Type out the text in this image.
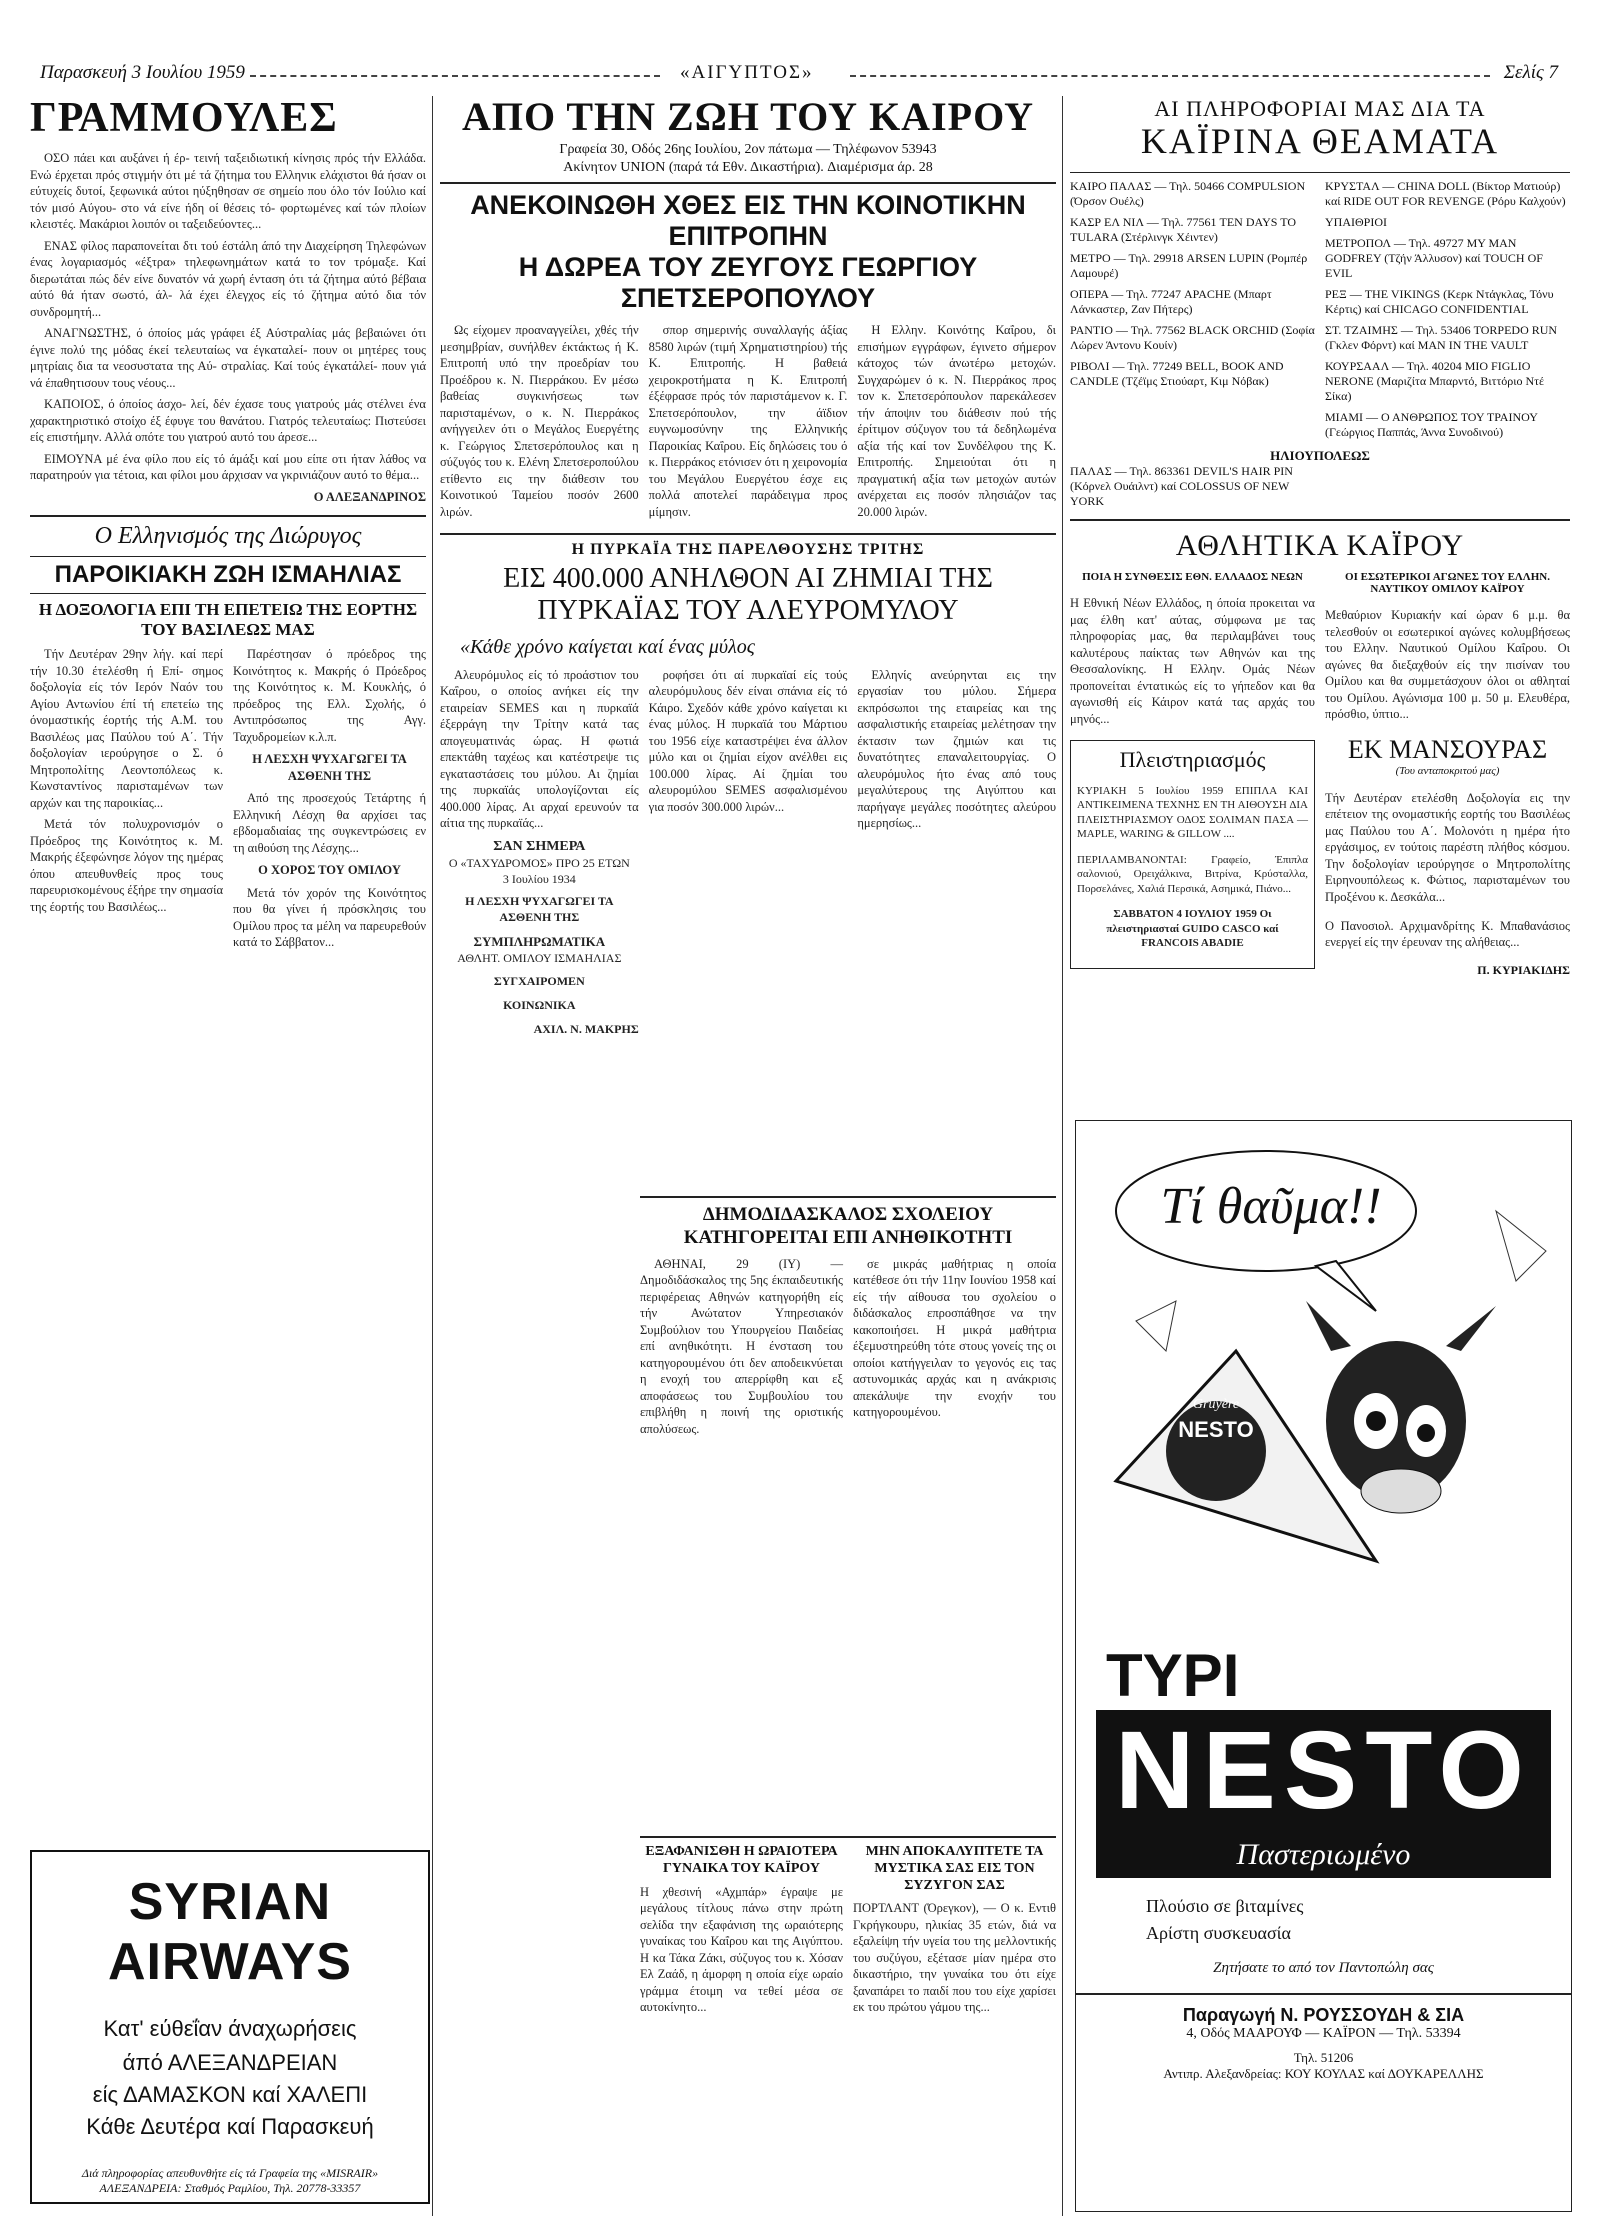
Παρασκευή 3 Ιουλίου 1959	«ΑΙΓΥΠΤΟΣ»	Σελίς 7
ΓΡΑΜΜΟΥΛΕΣ

ΟΣΟ πάει και αυξάνει ή έρ- τεινή ταξειδιωτική κίνησις πρός τήν Ελλάδα. Ενώ έρχεται πρός στιγμήν ότι μέ τά ζήτημα του Ελληνικ ελάχιστοι θά ήσαν οι εύτυχείς δυτοί, ξεφωνικά αύτοι ηύξηθησαν σε σημείο που όλο τόν Ιούλιο καί τόν μισό Αύγου- στο νά είνε ήδη οί θέσεις τό- φορτωμένες καί τών πλοίων κλειστές. Μακάριοι λοιπόν οι ταξειδεύοντες...

ΕΝΑΣ φίλος παραπονείται δτι τού έστάλη άπό την Διαχείρηση Τηλεφώνων ένας λογαριασμός «έξτρα» τηλεφωνημάτων κατά το τον τρόμαξε. Καί διερωτάται πώς δέν είνε δυνατόν νά χωρή ένταση ότι τά ζήτημα αύτό βέβαια αύτό θά ήταν σωστό, άλ- λά έχει έλεγχος είς τό ζήτημα αύτό δια τόν συνδρομητή...

ΑΝΑΓΝΩΣΤΗΣ, ό όποίος μάς γράφει έξ Αύστραλίας μάς βεβαιώνει ότι έγινε πολύ της μόδας έκεί τελευταίως να έγκαταλεί- πουν οι μητέρες τους μητρίαις δια τα νεοσυστατα της Αύ- στραλίας. Καί τούς έγκατάλεί- πουν γιά νά έπαθητισουν τους νέους...

ΚΑΠΟΙΟΣ, ό όποίος άσχο- λεί, δέν έχασε τους γιατρούς μάς στέλνει ένα χαρακτηριστικό στοίχο έξ έφυγε του θανάτου. Γιατρός τελευταίως: Πιστεύσει είς επιστήμην. Αλλά οπότε του γιατρού αυτό του άρεσε...

ΕΙΜΟΥΝΑ μέ ένα φίλο που είς τό άμάξι καί μου είπε οτι ήταν λάθος να παρατηρούν για τέτοια, και φίλοι μου άρχισαν να γκρινιάζουν αυτό το θέμα...

Ο ΑΛΕΞΑΝΔΡΙΝΟΣ
Ο Ελληνισμός της Διώρυγος
ΠΑΡΟΙΚΙΑΚΗ ΖΩΗ ΙΣΜΑΗΛΙΑΣ
Η ΔΟΞΟΛΟΓΙΑ ΕΠΙ ΤΗ ΕΠΕΤΕΙΩ ΤΗΣ ΕΟΡΤΗΣ ΤΟΥ ΒΑΣΙΛΕΩΣ ΜΑΣ

Τήν Δευτέραν 29ην λήγ. καί περί τήν 10.30 έτελέσθη ή Επί- σημος δοξολογία είς τόν Ιερόν Ναόν του Αγίου Αντωνίου έπί τή επετείω της όνομαστικής έορτής τής Α.Μ. του Βασιλέως μας Παύλου τού Α΄. Τήν δοξολογίαν ιερούργησε ο Σ. ό Μητροπολίτης Λεοντοπόλεως κ. Κωνσταντίνος παρισταμένων των αρχών και της παροικίας...

Μετά τόν πολυχρονισμόν ο Πρόεδρος της Κοινότητος κ. Μ. Μακρής έξεφώνησε λόγον της ημέρας όπου απευθυνθείς προς τους παρευρισκομένους έξήρε την σημασία της έορτής του Βασιλέως...

Παρέστησαν ό πρόεδρος της Κοινότητος κ. Μακρής ό Πρόεδρος της Κοινότητος κ. Μ. Κουκλής, ό πρόεδρος της Ελλ. Σχολής, ό Αντιπρόσωπος της Αγγ. Ταχυδρομείων κ.λ.π.

Η ΛΕΣΧΗ ΨΥΧΑΓΩΓΕΙ ΤΑ ΑΣΘΕΝΗ ΤΗΣ

Από της προσεχούς Τετάρτης ή Ελληνική Λέσχη θα αρχίσει τας εβδομαδιαίας της συγκεντρώσεις εν τη αιθούση της Λέσχης...

Ο ΧΟΡΟΣ ΤΟΥ ΟΜΙΛΟΥ

Μετά τόν χορόν της Κοινότητος που θα γίνει ή πρόσκλησις του Ομίλου προς τα μέλη να παρευρεθούν κατά το Σάββατον...

SYRIAN AIRWAYS
Κατ' εύθεΐαν άναχωρήσεις
άπό ΑΛΕΞΑΝΔΡΕΙΑΝ
είς ΔΑΜΑΣΚΟΝ καί ΧΑΛΕΠΙ
Κάθε Δευτέρα καί Παρασκευή
Διά πληροφορίας απευθυνθήτε είς τά Γραφεία της «MISRAIR» ΑΛΕΞΑΝΔΡΕΙΑ: Σταθμός Ραμλίου, Τηλ. 20778-33357
ΑΠΟ ΤΗΝ ΖΩΗ ΤΟΥ ΚΑΙΡΟΥ
Γραφεία 30, Οδός 26ης Ιουλίου, 2ον πάτωμα — Τηλέφωνον 53943
Ακίνητον UNION (παρά τά Εθν. Δικαστήρια). Διαμέρισμα άρ. 28
ΑΝΕΚΟΙΝΩΘΗ ΧΘΕΣ ΕΙΣ ΤΗΝ ΚΟΙΝΟΤΙΚΗΝ ΕΠΙΤΡΟΠΗΝ
Η ΔΩΡΕΑ ΤΟΥ ΖΕΥΓΟΥΣ ΓΕΩΡΓΙΟΥ ΣΠΕΤΣΕΡΟΠΟΥΛΟΥ

Ως είχομεν προαναγγείλει, χθές τήν μεσημβρίαν, συνήλθεν έκτάκτως ή Κ. Επιτροπή υπό την προεδρίαν του Προέδρου κ. Ν. Πιερράκου. Εν μέσω βαθείας συγκινήσεως των παρισταμένων, ο κ. Ν. Πιερράκος ανήγγειλεν ότι ο Μεγάλος Ευεργέτης κ. Γεώργιος Σπετσερόπουλος και η σύζυγός του κ. Ελένη Σπετσεροπούλου ετίθεντο εις την διάθεσιν του Κοινοτικού Ταμείου ποσόν 2600 λιρών.

σπορ σημερινής συναλλαγής άξίας 8580 λιρών (τιμή Χρηματιστηρίου) τής Κ. Επιτροπής. Η βαθειά χειροκροτήματα η Κ. Επιτροπή έξέφρασε πρός τόν παριστάμενον κ. Γ. Σπετσερόπουλον, την άϊδιον ευγνωμοσύνην της Ελληνικής Παροικίας Καΐρου. Είς δηλώσεις του ό κ. Πιερράκος ετόνισεν ότι η χειρονομία του Μεγάλου Ευεργέτου έσχε εις πολλά αποτελεί παράδειγμα προς μίμησιν.

Η Ελλην. Κοινότης Καΐρου, δι επισήμων εγγράφων, έγινετο σήμερον κάτοχος τών άνωτέρω μετοχών. Συγχαρώμεν ό κ. Ν. Πιερράκος προς τον κ. Σπετσερόπουλον παρεκάλεσεν τήν άποψιν του διάθεσιν πού τής έρίτιμον σύζυγον του τά δεδηλωμένα αξία τής καί τον Συνδέλφου της Κ. Επιτροπής. Σημειούται ότι η πραγματική αξία των μετοχών αυτών ανέρχεται εις ποσόν πλησιάζον τας 20.000 λιρών.

Η ΠΥΡΚΑΪΑ ΤΗΣ ΠΑΡΕΛΘΟΥΣΗΣ ΤΡΙΤΗΣ
ΕΙΣ 400.000 ΑΝΗΛΘΟΝ ΑΙ ΖΗΜΙΑΙ ΤΗΣ ΠΥΡΚΑΪΑΣ ΤΟΥ ΑΛΕΥΡΟΜΥΛΟΥ
«Κάθε χρόνο καίγεται καί ένας μύλος

Αλευρόμυλος είς τό προάστιον του Καΐρου, ο οποίος ανήκει είς την εταιρείαν SEMES και η πυρκαϊά έξερράγη την Τρίτην κατά τας απογευματινάς ώρας. Η φωτιά επεκτάθη ταχέως και κατέστρεψε τις εγκαταστάσεις του μύλου. Αι ζημίαι της πυρκαϊάς υπολογίζονται είς 400.000 λίρας. Αι αρχαί ερευνούν τα αίτια της πυρκαϊάς...

ΣΑΝ ΣΗΜΕΡΑ
Ο «ΤΑΧΥΔΡΟΜΟΣ» ΠΡΟ 25 ΕΤΩΝ
3 Ιουλίου 1934
Η ΛΕΣΧΗ ΨΥΧΑΓΩΓΕΙ ΤΑ ΑΣΘΕΝΗ ΤΗΣ
ΣΥΜΠΛΗΡΩΜΑΤΙΚΑ
ΑΘΛΗΤ. ΟΜΙΛΟΥ ΙΣΜΑΗΛΙΑΣ
ΣΥΓΧΑΙΡΟΜΕΝ
ΚΟΙΝΩΝΙΚΑ
ΑΧΙΛ. Ν. ΜΑΚΡΗΣ

ροφήσει ότι αί πυρκαϊαί είς τούς αλευρόμυλους δέν είναι σπάνια είς τό Κάιρο. Σχεδόν κάθε χρόνο καίγεται κι ένας μύλος. Η πυρκαϊά του Μάρτιου του 1956 είχε καταστρέψει ένα άλλον μύλο και οι ζημίαι είχον ανέλθει εις 100.000 λίρας. Αί ζημίαι του αλευρομύλου SEMES ασφαλισμένου για ποσόν 300.000 λιρών...

Ελληνίς ανεύρηνται εις την εργασίαν του μύλου. Σήμερα εκπρόσωποι της εταιρείας και της ασφαλιστικής εταιρείας μελέτησαν την έκτασιν των ζημιών και τις δυνατότητες επαναλειτουργίας. Ο αλευρόμυλος ήτο ένας από τους μεγαλύτερους της Αιγύπτου και παρήγαγε μεγάλες ποσότητες αλεύρου ημερησίως...

ΔΗΜΟΔΙΔΑΣΚΑΛΟΣ ΣΧΟΛΕΙΟΥ ΚΑΤΗΓΟΡΕΙΤΑΙ ΕΠΙ ΑΝΗΘΙΚΟΤΗΤΙ

ΑΘΗΝΑΙ, 29 (ΙΥ) — Δημοδιδάσκαλος της 5ης έκπαιδευτικής περιφέρειας Αθηνών κατηγορήθη είς τήν Ανώτατον Υπηρεσιακόν Συμβούλιον του Υπουργείου Παιδείας επί ανηθικότητι. Η ένσταση του κατηγορουμένου ότι δεν αποδεικνύεται η ενοχή του απερρίφθη και εξ αποφάσεως του Συμβουλίου του επιβλήθη η ποινή της οριστικής απολύσεως.

σε μικράς μαθήτριας η οποία κατέθεσε ότι τήν 11ην Ιουνίου 1958 καί είς τήν αίθουσα του σχολείου ο διδάσκαλος επροσπάθησε να την κακοποιήσει. Η μικρά μαθήτρια έξεμυστηρεύθη τότε στους γονείς της οι οποίοι κατήγγειλαν το γεγονός εις τας αστυνομικάς αρχάς και η ανάκρισις απεκάλυψε την ενοχήν του κατηγορουμένου.

ΕΞΑΦΑΝΙΣΘΗ Η ΩΡΑΙΟΤΕΡΑ ΓΥΝΑΙΚΑ ΤΟΥ ΚΑΪΡΟΥ

Η χθεσινή «Αχμπάρ» έγραψε με μεγάλους τίτλους πάνω στην πρώτη σελίδα την εξαφάνιση της ωραιότερης γυναίκας του Καΐρου και της Αιγύπτου. Η κα Τάκα Ζάκι, σύζυγος του κ. Χόσαν Ελ Ζαάδ, η άμορφη η οποία είχε ωραίο γράμμα έτοιμη να τεθεί μέσα σε αυτοκίνητο...

ΜΗΝ ΑΠΟΚΑΛΥΠΤΕΤΕ ΤΑ ΜΥΣΤΙΚΑ ΣΑΣ ΕΙΣ ΤΟΝ ΣΥΖΥΓΟΝ ΣΑΣ

ΠΟΡΤΛΑΝΤ (Όρεγκον), — Ο κ. Εντιθ Γκρήγκουρυ, ηλικίας 35 ετών, διά να εξαλείψη τήν υγεία του της μελλοντικής του συζύγου, εξέτασε μίαν ημέρα στο δικαστήριο, την γυναίκα του ότι είχε ξαναπάρει το παιδί που του είχε χαρίσει εκ του πρώτου γάμου της...

ΑΙ ΠΛΗΡΟΦΟΡΙΑΙ ΜΑΣ ΔΙΑ ΤΑ
ΚΑΪΡΙΝΑ ΘΕΑΜΑΤΑ
ΚΑΙΡΟ ΠΑΛΑΣ — Τηλ. 50466 COMPULSION (Όρσον Ουέλς)
ΚΑΣΡ ΕΛ ΝΙΛ — Τηλ. 77561 TEN DAYS TO TULARA (Στέρλινγκ Χέιντεν)
ΜΕΤΡΟ — Τηλ. 29918 ARSEN LUPIN (Ρομπέρ Λαμουρέ)
ΟΠΕΡΑ — Τηλ. 77247 APACHE (Μπαρτ Λάνκαστερ, Ζαν Πήτερς)
ΡΑΝΤΙΟ — Τηλ. 77562 BLACK ORCHID (Σοφία Λώρεν Άντονυ Κουίν)
ΡΙΒΟΛΙ — Τηλ. 77249 BELL, BOOK AND CANDLE (Τζέϊμς Στιούαρτ, Κιμ Νόβακ)
ΚΡΥΣΤΑΛ — CHINA DOLL (Βίκτορ Ματιούρ) καί RIDE OUT FOR REVENGE (Ρόρυ Καλχούν)
ΥΠΑΙΘΡΙΟΙ
ΜΕΤΡΟΠΟΛ — Τηλ. 49727 MY MAN GODFREY (Τζήν Άλλυσον) καί TOUCH OF EVIL
ΡΕΞ — THE VIKINGS (Κερκ Ντάγκλας, Τόνυ Κέρτις) καί CHICAGO CONFIDENTIAL
ΣΤ. ΤΖΑΙΜΗΣ — Τηλ. 53406 TORPEDO RUN (Γκλεν Φόρντ) καί MAN IN THE VAULT
ΚΟΥΡΣΑΑΛ — Τηλ. 40204 MIO FIGLIO NERONE (Μαριζίτα Μπαρντό, Βιττόριο Ντέ Σίκα)
ΜΙΑΜΙ — Ο ΑΝΘΡΩΠΟΣ ΤΟΥ ΤΡΑΙΝΟΥ (Γεώργιος Παππάς, Άννα Συνοδινού)
ΗΛΙΟΥΠΟΛΕΩΣ
ΠΑΛΑΣ — Τηλ. 863361 DEVIL'S HAIR PIN (Κόρνελ Ουάιλντ) καί COLOSSUS OF NEW YORK
ΑΘΛΗΤΙΚΑ ΚΑΪΡΟΥ
ΠΟΙΑ Η ΣΥΝΘΕΣΙΣ ΕΘΝ. ΕΛΛΑΔΟΣ ΝΕΩΝ

Η Εθνική Νέων Ελλάδος, η όποία προκειται να μας έλθη κατ' αύτας, σύμφωνα με τας πληροφορίας μας, θα περιλαμβάνει τους καλυτέρους παίκτας των Αθηνών και της Θεσσαλονίκης. Η Ελλην. Ομάς Νέων προπονείται έντατικώς είς το γήπεδον και θα αγωνισθή είς Κάιρον κατά τας αρχάς του μηνός...

Πλειστηριασμός

ΚΥΡΙΑΚΗ 5 Ιουλίου 1959 ΕΠΙΠΛΑ ΚΑΙ ΑΝΤΙΚΕΙΜΕΝΑ ΤΕΧΝΗΣ ΕΝ ΤΗ ΑΙΘΟΥΣΗ ΔΙΑ ΠΛΕΙΣΤΗΡΙΑΣΜΟΥ ΟΔΟΣ ΣΟΛΙΜΑΝ ΠΑΣΑ — MAPLE, WARING & GILLOW ....

ΠΕΡΙΛΑΜΒΑΝΟΝΤΑΙ: Γραφείο, Έπιπλα σαλονιού, Ορειχάλκινα, Βιτρίνα, Κρύσταλλα, Πορσελάνες, Χαλιά Περσικά, Ασημικά, Πιάνο...

ΣΑΒΒΑΤΟΝ 4 ΙΟΥΛΙΟΥ 1959 Οι πλειστηριασταί GUIDO CASCO καί FRANCOIS ABADIE

ΟΙ ΕΣΩΤΕΡΙΚΟΙ ΑΓΩΝΕΣ ΤΟΥ ΕΛΛΗΝ. ΝΑΥΤΙΚΟΥ ΟΜΙΛΟΥ ΚΑΪΡΟΥ

Μεθαύριον Κυριακήν καί ώραν 6 μ.μ. θα τελεσθούν οι εσωτερικοί αγώνες κολυμβήσεως του Ελλην. Ναυτικού Ομίλου Καΐρου. Οι αγώνες θα διεξαχθούν είς την πισίναν του Ομίλου και θα συμμετάσχουν όλοι οι αθληταί του Ομίλου. Αγώνισμα 100 μ. 50 μ. Ελευθέρα, πρόσθιο, ύπτιο...

ΕΚ ΜΑΝΣΟΥΡΑΣ
(Του ανταποκριτού μας)

Τήν Δευτέραν ετελέσθη Δοξολογία εις την επέτειον της ονομαστικής εορτής του Βασιλέως μας Παύλου του Α΄. Μολονότι η ημέρα ήτο εργάσιμος, εν τούτοις παρέστη πλήθος κόσμου. Την δοξολογίαν ιερούργησε ο Μητροπολίτης Ειρηνουπόλεως κ. Φώτιος, παρισταμένων του Προξένου κ. Δεσκάλα...

Ο Πανοσιολ. Αρχιμανδρίτης Κ. Μπαθανάσιος ενεργεί είς την έρευναν της αλήθειας...

Π. ΚΥΡΙΑΚΙΔΗΣ
Τί θαῦμα!!
Gruyère
NESTO
ΤΥΡΙ
NESTO
Παστεριωμένο
Πλούσιο σε βιταμίνες
Αρίστη συσκευασία
Ζητήσατε το από τον Παντοπώλη σας
Παραγωγή Ν. ΡΟΥΣΣΟΥΔΗ & ΣΙΑ
4, Οδός ΜΑΑΡΟΥΦ — ΚΑΪΡΟΝ — Τηλ. 53394
Τηλ. 51206
Αντιπρ. Αλεξανδρείας: ΚΟΥ ΚΟΥΛΑΣ καί ΔΟΥΚΑΡΕΛΛΗΣ
